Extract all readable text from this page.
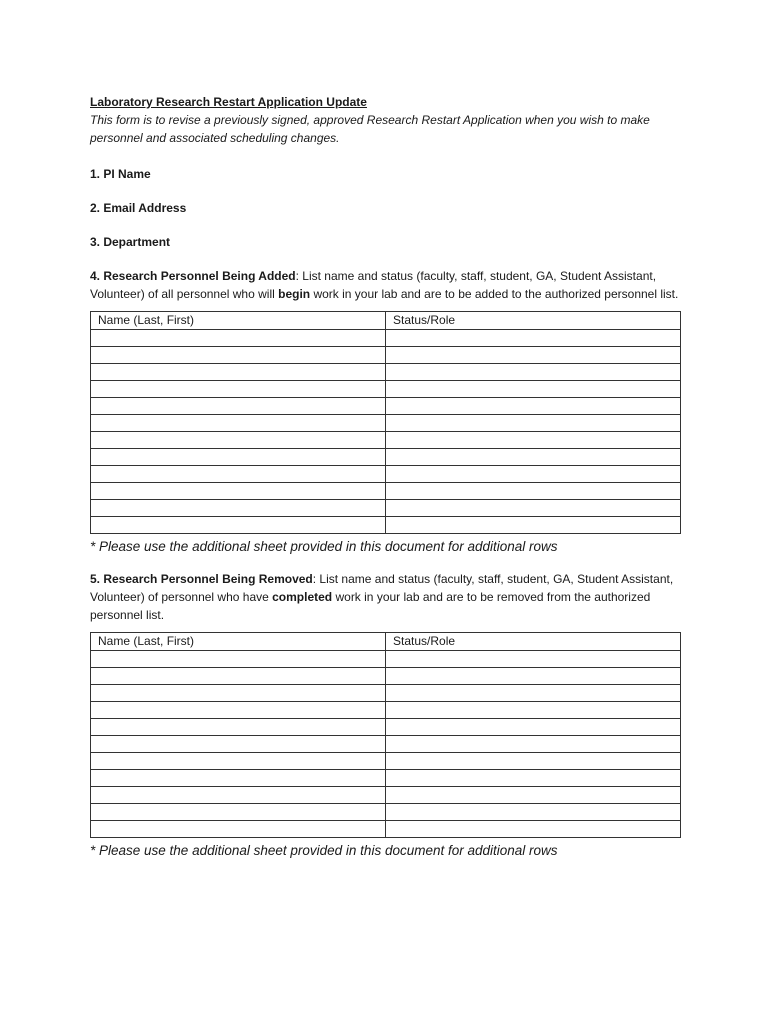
Laboratory Research Restart Application Update
This form is to revise a previously signed, approved Research Restart Application when you wish to make personnel and associated scheduling changes.
1. PI Name
2. Email Address
3. Department
4. Research Personnel Being Added: List name and status (faculty, staff, student, GA, Student Assistant, Volunteer) of all personnel who will begin work in your lab and are to be added to the authorized personnel list.
Name (Last, First)	Status/Role

* Please use the additional sheet provided in this document for additional rows
5. Research Personnel Being Removed: List name and status (faculty, staff, student, GA, Student Assistant, Volunteer) of personnel who have completed work in your lab and are to be removed from the authorized personnel list.
Name (Last, First)	Status/Role

* Please use the additional sheet provided in this document for additional rows
